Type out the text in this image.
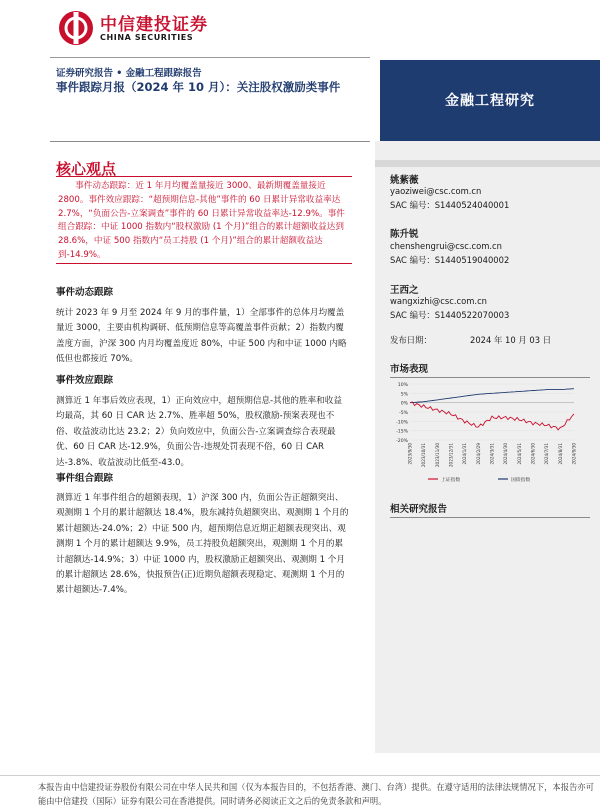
中信建投证券
CHINA SECURITIES
证券研究报告 • 金融工程跟踪报告
事件跟踪月报（2024 年 10 月）：关注股权激励类事件
金融工程研究
核心观点

事件动态跟踪：近 1 年月均覆盖量接近 3000、最新期覆盖量接近 2800。事件效应跟踪：“超预期信息-其他”事件的 60 日累计异常收益率达 2.7%，“负面公告-立案调查”事件的 60 日累计异常收益率达-12.9%。事件组合跟踪：中证 1000 指数内“股权激励 (1 个月)”组合的累计超额收益达到 28.6%，中证 500 指数内“员工持股 (1 个月)”组合的累计超额收益达到-14.9%。

事件动态跟踪

统计 2023 年 9 月至 2024 年 9 月的事件量，1）全部事件的总体月均覆盖量近 3000，主要由机构调研、低预期信息等高覆盖事件贡献；2）指数内覆盖度方面，沪深 300 内月均覆盖度近 80%，中证 500 内和中证 1000 内略低但也都接近 70%。

事件效应跟踪

测算近 1 年事后效应表现，1）正向效应中，超预期信息-其他的胜率和收益均最高，其 60 日 CAR 达 2.7%、胜率超 50%，股权激励-预案表现也不俗、收益波动比达 23.2；2）负向效应中，负面公告-立案调查综合表现最优、60 日 CAR 达-12.9%，负面公告-违规处罚表现不俗，60 日 CAR 达-3.8%、收益波动比低至-43.0。

事件组合跟踪

测算近 1 年事件组合的超额表现，1）沪深 300 内，负面公告正超额突出、观测期 1 个月的累计超额达 18.4%，股东减持负超额突出、观测期 1 个月的累计超额达-24.0%；2）中证 500 内，超预期信息近期正超额表现突出、观测期 1 个月的累计超额达 9.9%，员工持股负超额突出，观测期 1 个月的累计超额达-14.9%；3）中证 1000 内，股权激励正超额突出、观测期 1 个月的累计超额达 28.6%，快报预告(正)近期负超额表现稳定、观测期 1 个月的累计超额达-7.4%。

姚紫薇
yaoziwei@csc.com.cn
SAC 编号：S1440524040001
陈升锐
chenshengrui@csc.com.cn
SAC 编号：S1440519040002
王西之
wangxizhi@csc.com.cn
SAC 编号：S1440522070003
发布日期：	2024 年 10 月 03 日
市场表现
10%
5%
0%
-5%
-10%
-15%
-20%
2023/9/30 2023/10/31 2023/11/30 2023/12/31 2024/1/31 2024/2/29 2024/3/31 2024/4/30 2024/5/31 2024/6/30 2024/7/31 2024/8/31 2024/9/30
上证指数	国债指数
相关研究报告

本报告由中信建投证券股份有限公司在中华人民共和国（仅为本报告目的，不包括香港、澳门、台湾）提供。在遵守适用的法律法规情况下，本报告亦可能由中信建投（国际）证券有限公司在香港提供。同时请务必阅读正文之后的免责条款和声明。
